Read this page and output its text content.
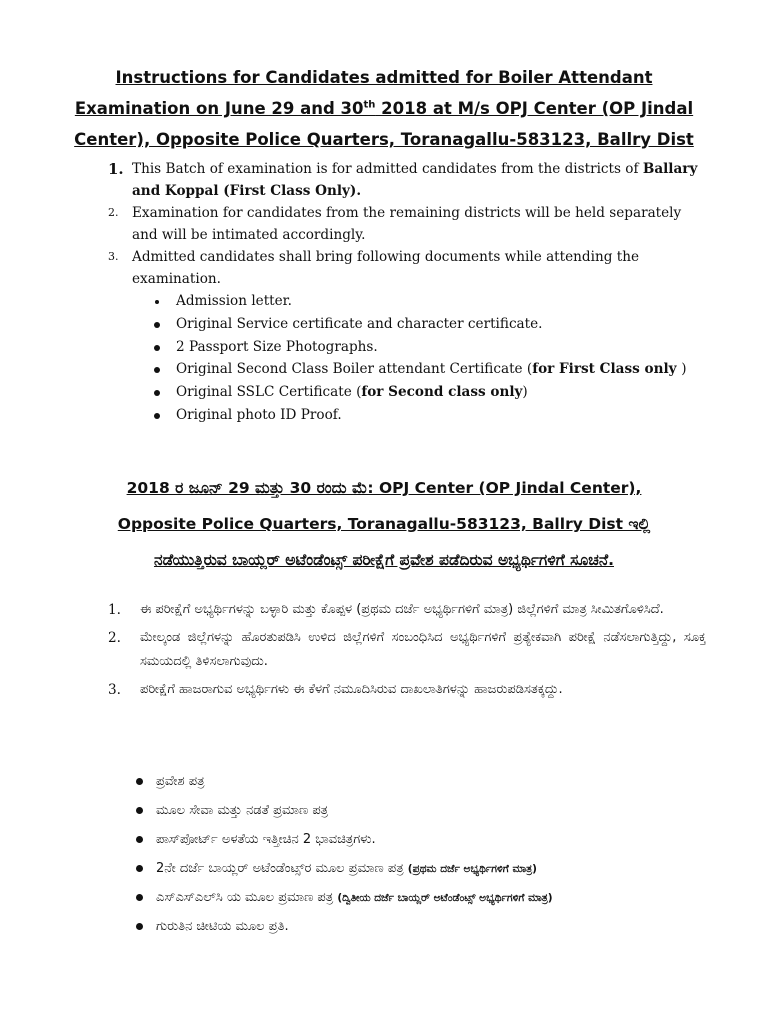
Instructions for Candidates admitted for Boiler Attendant Examination on June 29 and 30th 2018 at M/s OPJ Center (OP Jindal Center), Opposite Police Quarters, Toranagallu-583123, Ballry Dist
1. This Batch of examination is for admitted candidates from the districts of Ballary and Koppal (First Class Only).
2. Examination for candidates from the remaining districts will be held separately and will be intimated accordingly.
3. Admitted candidates shall bring following documents while attending the examination.
Admission letter.
Original Service certificate and character certificate.
2 Passport Size Photographs.
Original Second Class Boiler attendant Certificate (for First Class only )
Original SSLC Certificate (for Second class only)
Original photo ID Proof.
2018 ರ ಜೂನ್ 29 ಮತ್ತು 30 ರಂದು ಮೆ: OPJ Center (OP Jindal Center),
Opposite Police Quarters, Toranagallu-583123, Ballry Dist ಇಲ್ಲಿ
ನಡೆಯುತ್ತಿರುವ ಬಾಯ್ಲರ್ ಅಟೆಂಡೆಂಟ್ಸ್ ಪರೀಕ್ಷೆಗೆ ಪ್ರವೇಶ ಪಡೆದಿರುವ ಅಭ್ಯರ್ಥಿಗಳಿಗೆ ಸೂಚನೆ.
1. ಈ ಪರೀಕ್ಷೆಗೆ ಅಭ್ಯರ್ಥಿಗಳನ್ನು ಬಳ್ಳಾರಿ ಮತ್ತು ಕೊಪ್ಪಳ (ಪ್ರಥಮ ದರ್ಜೆ ಅಭ್ಯರ್ಥಿಗಳಿಗೆ ಮಾತ್ರ) ಜಿಲ್ಲೆಗಳಿಗೆ ಮಾತ್ರ ಸೀಮಿತಗೊಳಿಸಿದೆ.
2. ಮೇಲ್ಕಂಡ ಜಿಲ್ಲೆಗಳನ್ನು ಹೊರತುಪಡಿಸಿ ಉಳಿದ ಜಿಲ್ಲೆಗಳಿಗೆ ಸಂಬಂಧಿಸಿದ ಅಭ್ಯರ್ಥಿಗಳಿಗೆ ಪ್ರತ್ಯೇಕವಾಗಿ ಪರೀಕ್ಷೆ ನಡೆಸಲಾಗುತ್ತಿದ್ದು, ಸೂಕ್ತ ಸಮಯದಲ್ಲಿ ತಿಳಿಸಲಾಗುವುದು.
3. ಪರೀಕ್ಷೆಗೆ ಹಾಜರಾಗುವ ಅಭ್ಯರ್ಥಿಗಳು ಈ ಕೆಳಗೆ ನಮೂದಿಸಿರುವ ದಾಖಲಾತಿಗಳನ್ನು ಹಾಜರುಪಡಿಸತಕ್ಕದ್ದು.
ಪ್ರವೇಶ ಪತ್ರ
ಮೂಲ ಸೇವಾ ಮತ್ತು ನಡತೆ ಪ್ರಮಾಣ ಪತ್ರ
ಪಾಸ್‌ಪೋರ್ಟ್ ಅಳತೆಯ ಇತ್ತೀಚಿನ 2 ಭಾವಚಿತ್ರಗಳು.
2ನೇ ದರ್ಜೆ ಬಾಯ್ಲರ್ ಅಟೆಂಡೆಂಟ್ಸ್‌ರ ಮೂಲ ಪ್ರಮಾಣ ಪತ್ರ (ಪ್ರಥಮ ದರ್ಜೆ ಅಭ್ಯರ್ಥಿಗಳಿಗೆ ಮಾತ್ರ)
ಎಸ್‌ಎಸ್‌ಎಲ್‌ಸಿ ಯ ಮೂಲ ಪ್ರಮಾಣ ಪತ್ರ (ದ್ವಿತೀಯ ದರ್ಜೆ ಬಾಯ್ಲರ್ ಅಟೆಂಡೆಂಟ್ಸ್ ಅಭ್ಯರ್ಥಿಗಳಿಗೆ ಮಾತ್ರ)
ಗುರುತಿನ ಚೀಟಿಯ ಮೂಲ ಪ್ರತಿ.
